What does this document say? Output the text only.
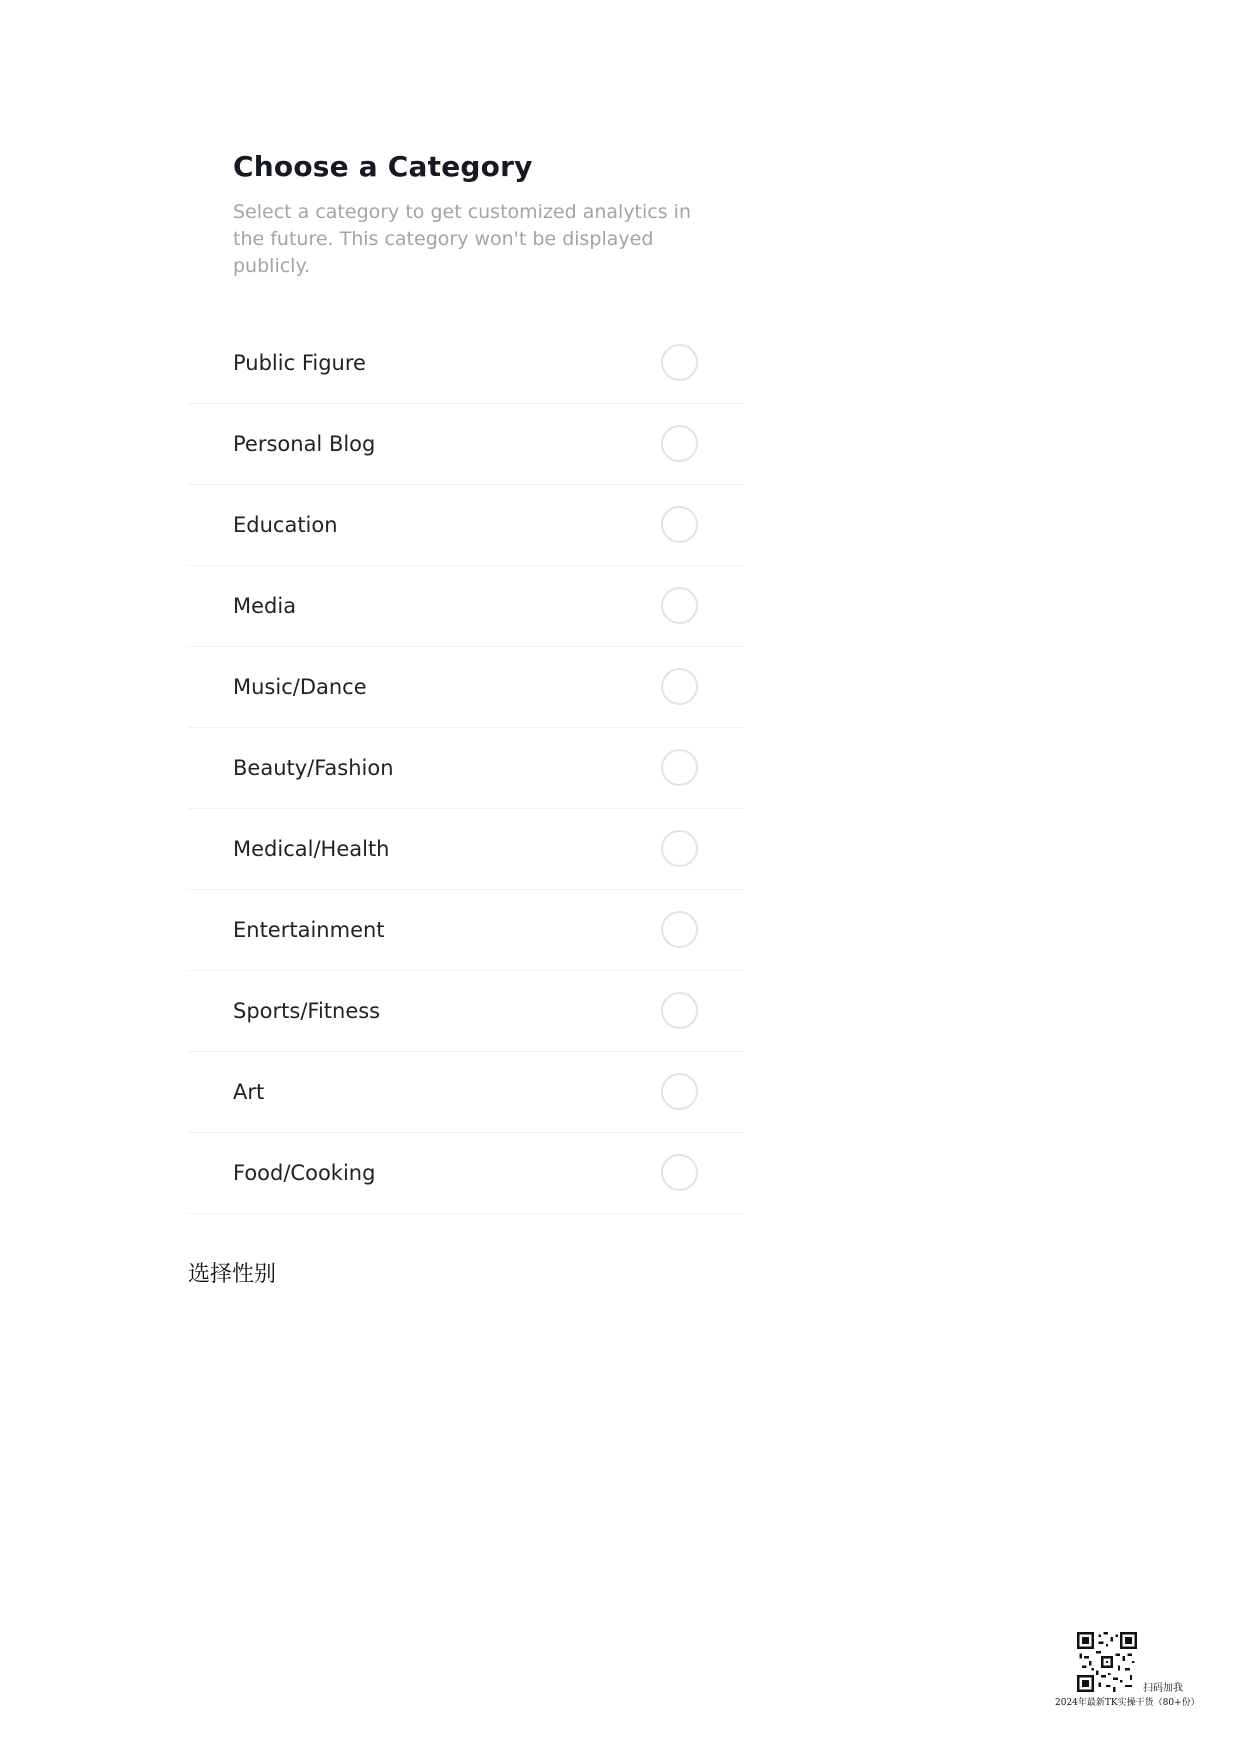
Choose a Category

Select a category to get customized analytics in the future. This category won't be displayed publicly.

Public Figure
Personal Blog
Education
Media
Music/Dance
Beauty/Fashion
Medical/Health
Entertainment
Sports/Fitness
Art
Food/Cooking

选择性别

扫码加我
2024年最新TK实操干货（80+份）
